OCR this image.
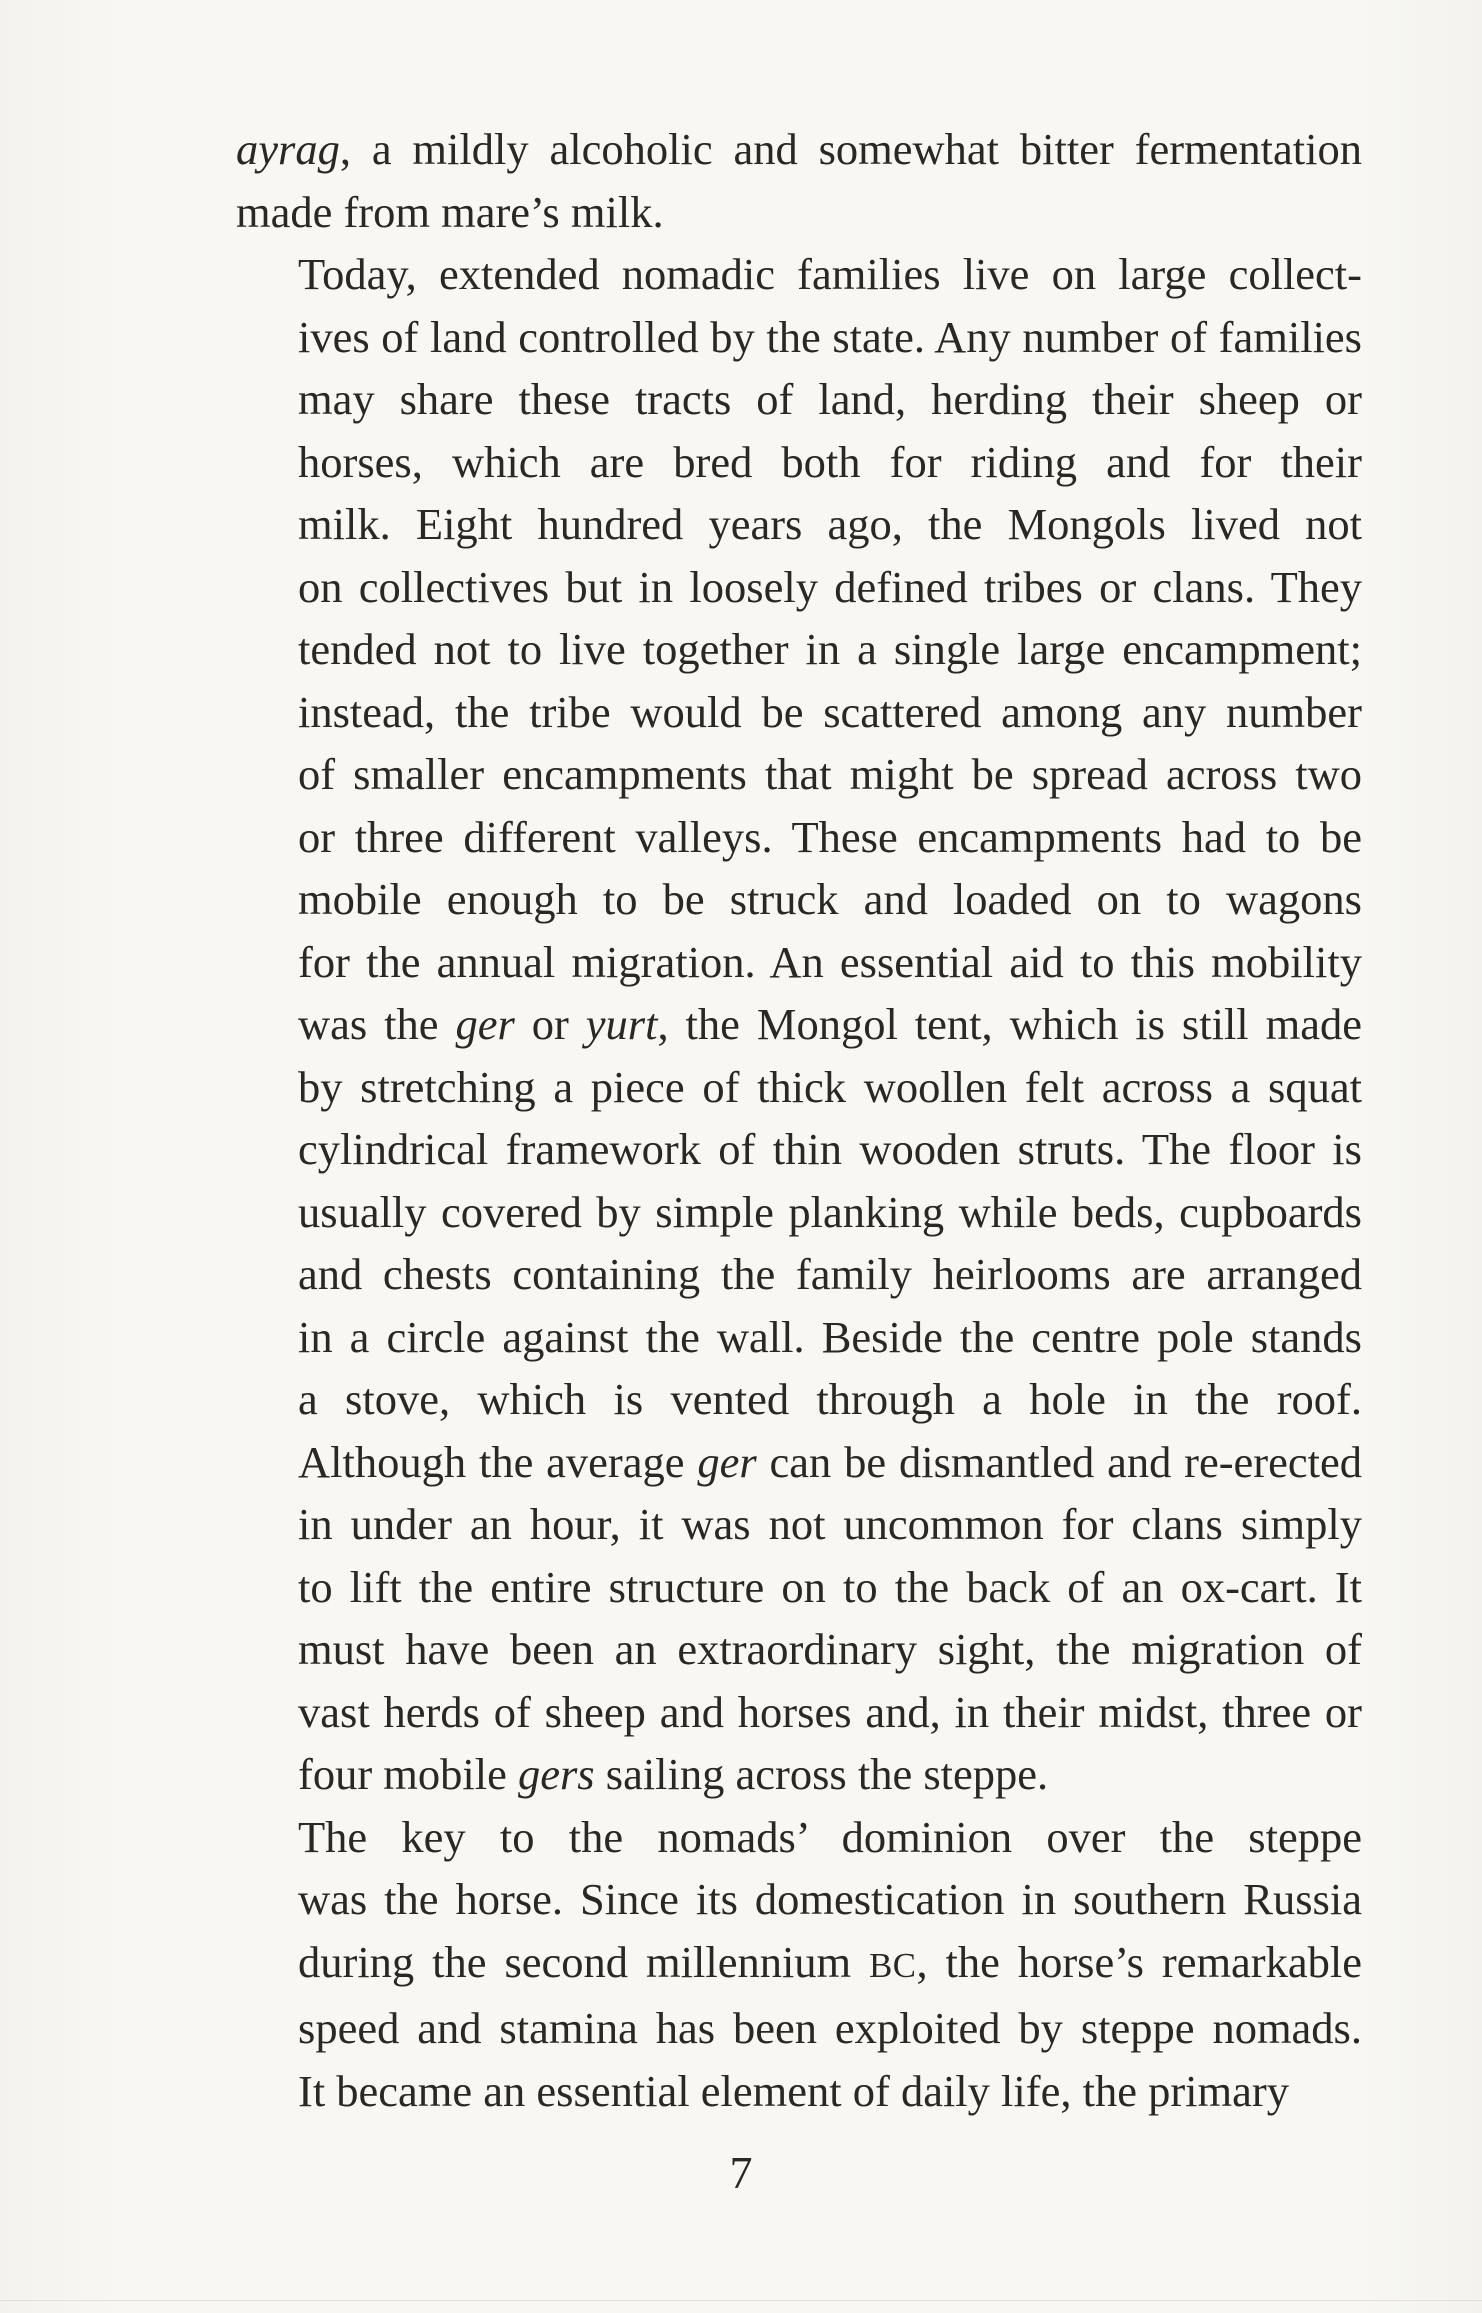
ayrag, a mildly alcoholic and somewhat bitter fermentation
made from mare’s milk.

Today, extended nomadic families live on large collect-
ives of land controlled by the state. Any number of families
may share these tracts of land, herding their sheep or
horses, which are bred both for riding and for their
milk. Eight hundred years ago, the Mongols lived not
on collectives but in loosely defined tribes or clans. They
tended not to live together in a single large encampment;
instead, the tribe would be scattered among any number
of smaller encampments that might be spread across two
or three different valleys. These encampments had to be
mobile enough to be struck and loaded on to wagons
for the annual migration. An essential aid to this mobility
was the ger or yurt, the Mongol tent, which is still made
by stretching a piece of thick woollen felt across a squat
cylindrical framework of thin wooden struts. The floor is
usually covered by simple planking while beds, cupboards
and chests containing the family heirlooms are arranged
in a circle against the wall. Beside the centre pole stands
a stove, which is vented through a hole in the roof.
Although the average ger can be dismantled and re-erected
in under an hour, it was not uncommon for clans simply
to lift the entire structure on to the back of an ox-cart. It
must have been an extraordinary sight, the migration of
vast herds of sheep and horses and, in their midst, three or
four mobile gers sailing across the steppe.

The key to the nomads’ dominion over the steppe
was the horse. Since its domestication in southern Russia
during the second millennium BC, the horse’s remarkable
speed and stamina has been exploited by steppe nomads.
It became an essential element of daily life, the primary

7
